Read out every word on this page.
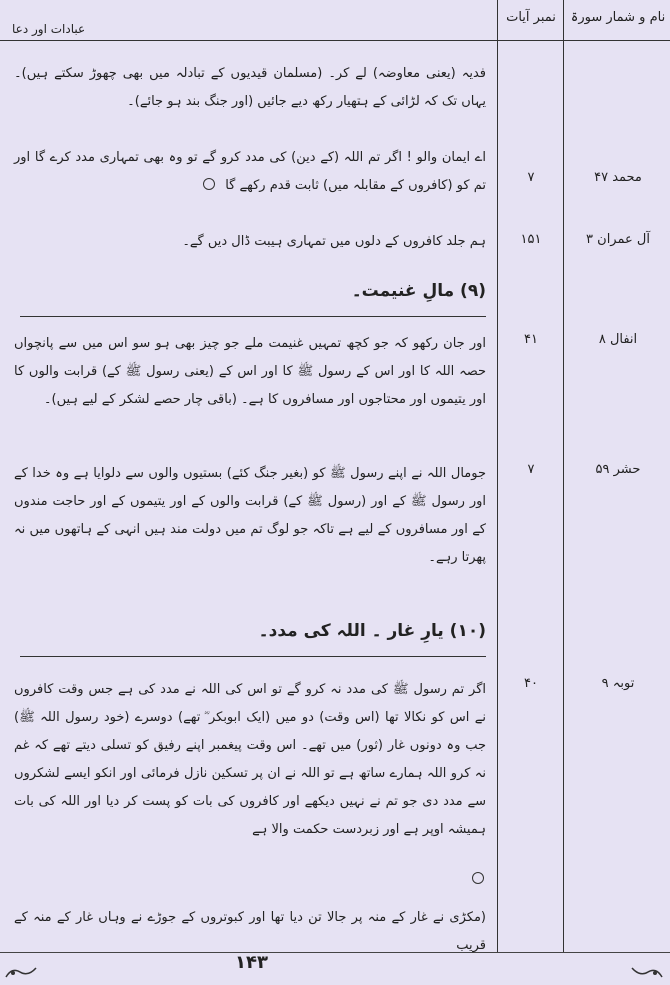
نام و شمار سورۃ
نمبر آیات
عبادات اور دعا
فدیہ (یعنی معاوضہ) لے کر۔ (مسلمان قیدیوں کے تبادلہ میں بھی چھوڑ سکتے ہیں)۔ یہاں تک کہ لڑائی کے ہتھیار رکھ دیے جائیں (اور جنگ بند ہو جائے)۔
اے ایمان والو ! اگر تم اللہ (کے دین) کی مدد کرو گے تو وہ بھی تمہاری مدد کرے گا اور تم کو (کافروں کے مقابلہ میں) ثابت قدم رکھے گا
محمد ۴۷
۷
ہم جلد کافروں کے دلوں میں تمہاری ہیبت ڈال دیں گے۔	آل عمران ۳
۱۵۱
(۹) مالِ غنیمت۔
اور جان رکھو کہ جو کچھ تمہیں غنیمت ملے جو چیز بھی ہو سو اس میں سے پانچواں حصہ اللہ کا اور اس کے رسول ﷺ کا اور اس کے (یعنی رسول ﷺ کے) قرابت والوں کا اور یتیموں اور محتاجوں اور مسافروں کا ہے۔ (باقی چار حصے لشکر کے لیے ہیں)۔
انفال ۸
۴۱
جومال اللہ نے اپنے رسول ﷺ کو (بغیر جنگ کئے) بستیوں والوں سے دلوایا ہے وہ خدا کے اور رسول ﷺ کے اور (رسول ﷺ کے) قرابت والوں کے اور یتیموں کے اور حاجت مندوں کے اور مسافروں کے لیے ہے تاکہ جو لوگ تم میں دولت مند ہیں انہی کے ہاتھوں میں نہ پھرتا رہے۔
حشر ۵۹
۷
(۱۰) یارِ غار ۔ اللہ کی مدد۔
اگر تم رسول ﷺ کی مدد نہ کرو گے تو اس کی اللہ نے مدد کی ہے جس وقت کافروں نے اس کو نکالا تھا (اس وقت) دو میں (ایک ابوبکر ؓ تھے) دوسرے (خود رسول اللہ ﷺ) جب وہ دونوں غار (ثور) میں تھے۔ اس وقت پیغمبر اپنے رفیق کو تسلی دیتے تھے کہ غم نہ کرو اللہ ہمارے ساتھ ہے تو اللہ نے ان پر تسکین نازل فرمائی اور انکو ایسے لشکروں سے مدد دی جو تم نے نہیں دیکھے اور کافروں کی بات کو پست کر دیا اور اللہ کی بات ہمیشہ اوپر ہے اور زبردست حکمت والا ہے
توبہ ۹
۴۰
(مکڑی نے غار کے منہ پر جالا تن دیا تھا اور کبوتروں کے جوڑے نے وہاں غار کے منہ کے قریب
۱۴۳
